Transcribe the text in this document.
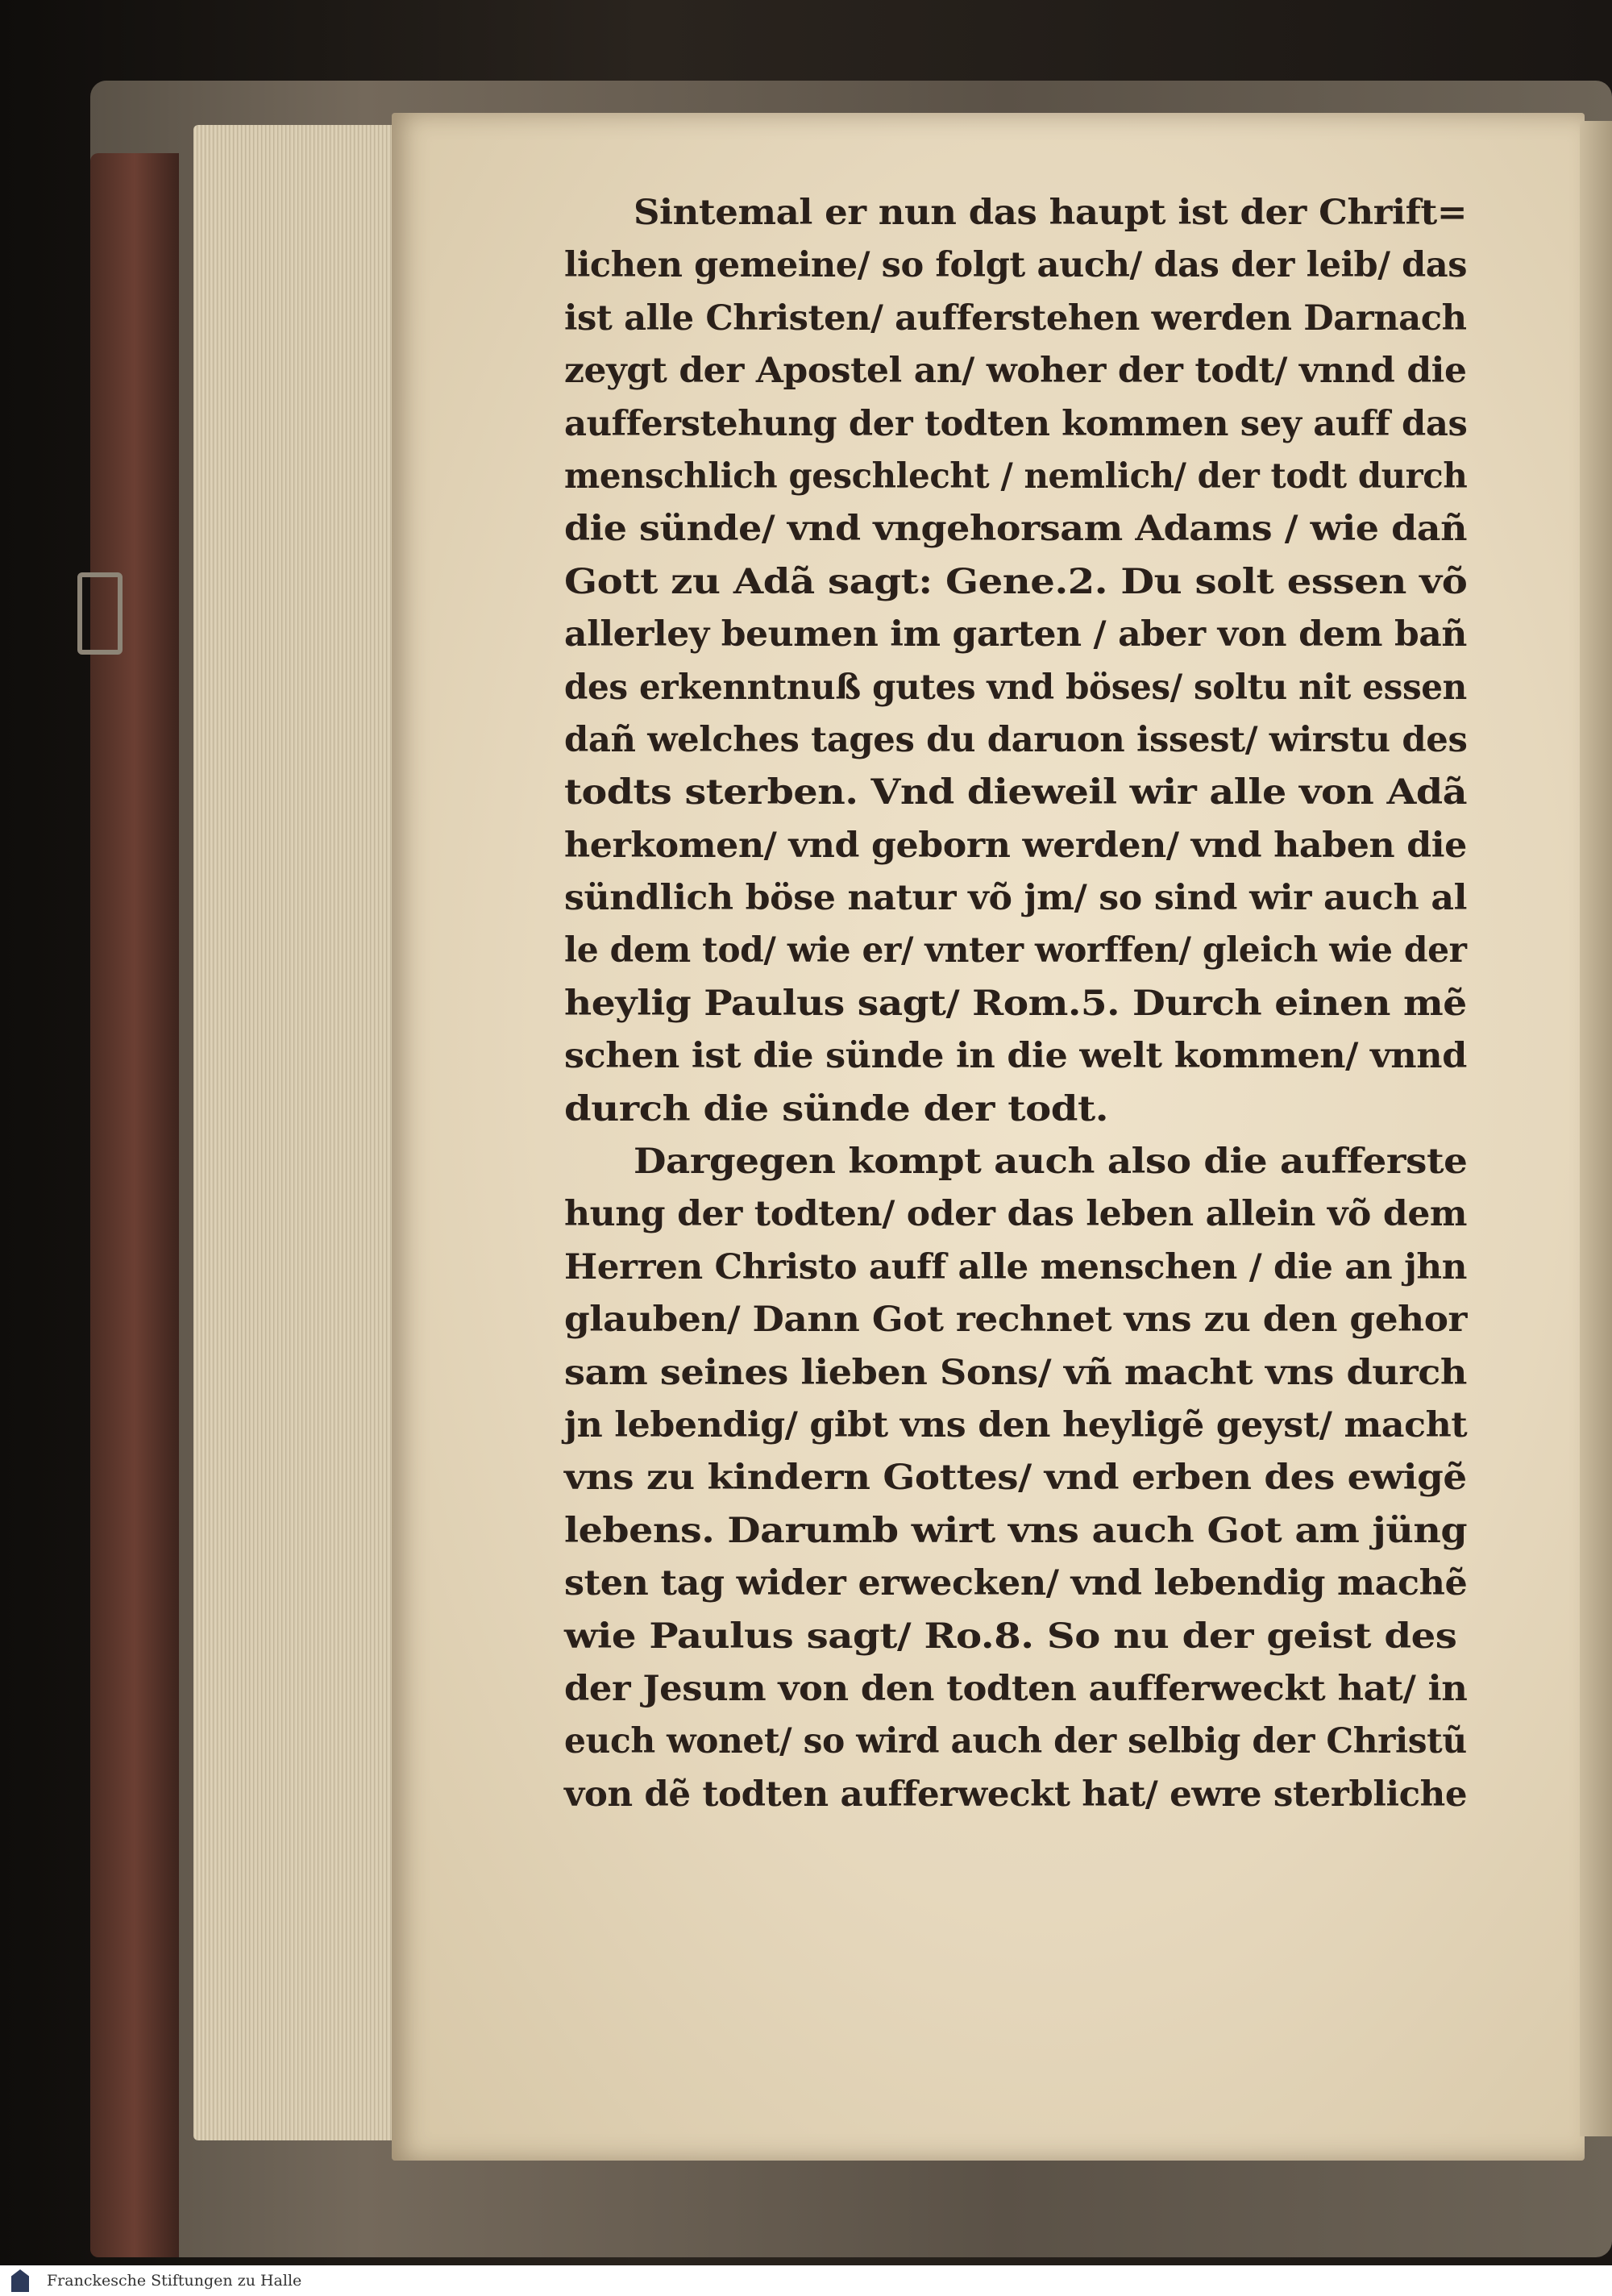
Sintemal er nun das haupt ist der Chrift=
lichen gemeine/ so folgt auch/ das der leib/ das
ist alle Christen/ aufferstehen werden Darnach
zeygt der Apostel an/ woher der todt/ vnnd die
aufferstehung der todten kommen sey auff das
menschlich geschlecht / nemlich/ der todt durch
die sünde/ vnd vngehorsam Adams / wie dañ
Gott zu Adã sagt: Gene.2. Du solt essen võ
allerley beumen im garten / aber von dem bañ
des erkenntnuß gutes vnd böses/ soltu nit essen
dañ welches tages du daruon issest/ wirstu des
todts sterben. Vnd dieweil wir alle von Adã
herkomen/ vnd geborn werden/ vnd haben die
sündlich böse natur võ jm/ so sind wir auch al
le dem tod/ wie er/ vnter worffen/ gleich wie der
heylig Paulus sagt/ Rom.5. Durch einen mẽ
schen ist die sünde in die welt kommen/ vnnd
durch die sünde der todt.
Dargegen kompt auch also die aufferste
hung der todten/ oder das leben allein võ dem
Herren Christo auff alle menschen / die an jhn
glauben/ Dann Got rechnet vns zu den gehor
sam seines lieben Sons/ vñ macht vns durch
jn lebendig/ gibt vns den heyligẽ geyst/ macht
vns zu kindern Gottes/ vnd erben des ewigẽ
lebens. Darumb wirt vns auch Got am jüng
sten tag wider erwecken/ vnd lebendig machẽ
wie Paulus sagt/ Ro.8. So nu der geist des
der Jesum von den todten aufferweckt hat/ in
euch wonet/ so wird auch der selbig der Christũ
von dẽ todten aufferweckt hat/ ewre sterbliche
Franckesche Stiftungen zu Halle
